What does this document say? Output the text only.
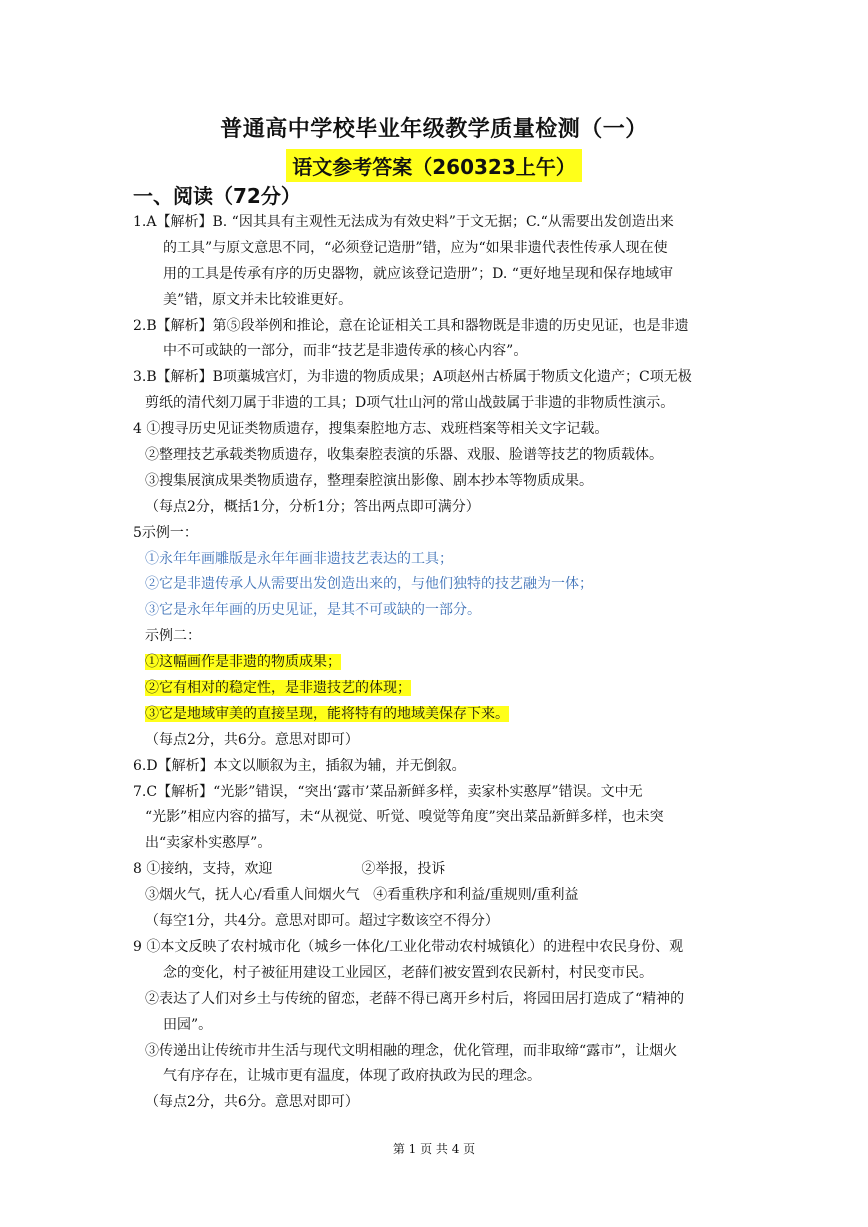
普通高中学校毕业年级教学质量检测（一）
语文参考答案（260323上午）
一、阅读（72分）
1.A【解析】B. “因其具有主观性无法成为有效史料”于文无据；C.“从需要出发创造出来
的工具”与原文意思不同，“必须登记造册”错，应为“如果非遗代表性传承人现在使
用的工具是传承有序的历史器物，就应该登记造册”；D. “更好地呈现和保存地域审
美”错，原文并未比较谁更好。
2.B【解析】第⑤段举例和推论，意在论证相关工具和器物既是非遗的历史见证，也是非遗
中不可或缺的一部分，而非“技艺是非遗传承的核心内容”。
3.B【解析】B项藁城宫灯，为非遗的物质成果；A项赵州古桥属于物质文化遗产；C项无极
剪纸的清代刻刀属于非遗的工具；D项气壮山河的常山战鼓属于非遗的非物质性演示。
4 ①搜寻历史见证类物质遗存，搜集秦腔地方志、戏班档案等相关文字记载。
②整理技艺承载类物质遗存，收集秦腔表演的乐器、戏服、脸谱等技艺的物质载体。
③搜集展演成果类物质遗存，整理秦腔演出影像、剧本抄本等物质成果。
（每点2分，概括1分，分析1分；答出两点即可满分）
5示例一：
①永年年画雕版是永年年画非遗技艺表达的工具；
②它是非遗传承人从需要出发创造出来的，与他们独特的技艺融为一体；
③它是永年年画的历史见证，是其不可或缺的一部分。
示例二：
①这幅画作是非遗的物质成果；
②它有相对的稳定性，是非遗技艺的体现；
③它是地域审美的直接呈现，能将特有的地域美保存下来。
（每点2分，共6分。意思对即可）
6.D【解析】本文以顺叙为主，插叙为辅，并无倒叙。
7.C【解析】“光影”错误，“突出‘露市’菜品新鲜多样，卖家朴实憨厚”错误。文中无
“光影”相应内容的描写，未“从视觉、听觉、嗅觉等角度”突出菜品新鲜多样，也未突
出“卖家朴实憨厚”。
8 ①接纳，支持，欢迎                    ②举报，投诉
③烟火气，抚人心/看重人间烟火气   ④看重秩序和利益/重规则/重利益
（每空1分，共4分。意思对即可。超过字数该空不得分）
9 ①本文反映了农村城市化（城乡一体化/工业化带动农村城镇化）的进程中农民身份、观
念的变化，村子被征用建设工业园区，老薛们被安置到农民新村，村民变市民。
②表达了人们对乡土与传统的留恋，老薛不得已离开乡村后，将园田居打造成了“精神的
田园”。
③传递出让传统市井生活与现代文明相融的理念，优化管理，而非取缔“露市”，让烟火
气有序存在，让城市更有温度，体现了政府执政为民的理念。
（每点2分，共6分。意思对即可）
第 1 页 共 4 页
